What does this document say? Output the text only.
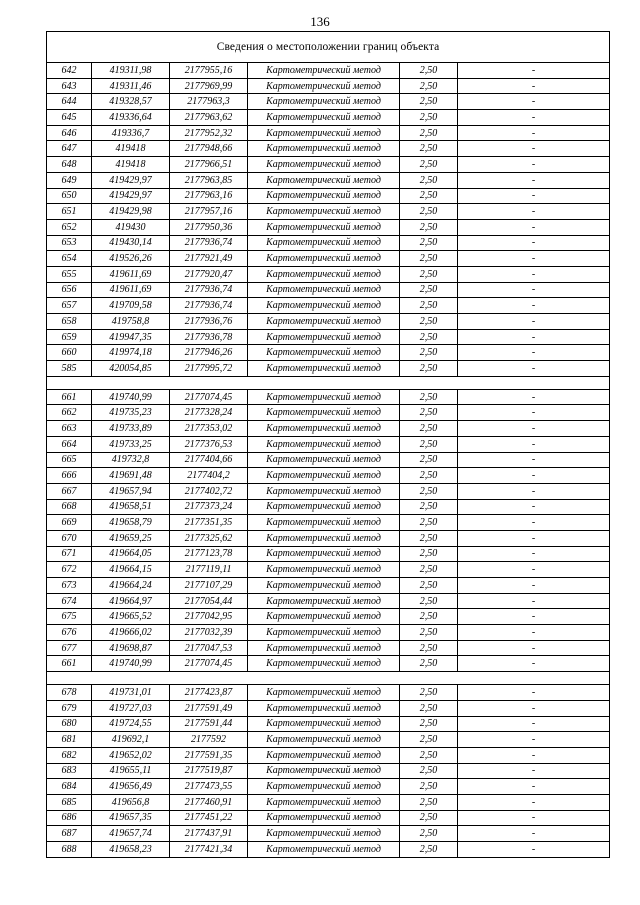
136
Сведения о местоположении границ объекта					
642	419311,98	2177955,16	Картометрический метод	2,50	-
643	419311,46	2177969,99	Картометрический метод	2,50	-
644	419328,57	2177963,3	Картометрический метод	2,50	-
645	419336,64	2177963,62	Картометрический метод	2,50	-
646	419336,7	2177952,32	Картометрический метод	2,50	-
647	419418	2177948,66	Картометрический метод	2,50	-
648	419418	2177966,51	Картометрический метод	2,50	-
649	419429,97	2177963,85	Картометрический метод	2,50	-
650	419429,97	2177963,16	Картометрический метод	2,50	-
651	419429,98	2177957,16	Картометрический метод	2,50	-
652	419430	2177950,36	Картометрический метод	2,50	-
653	419430,14	2177936,74	Картометрический метод	2,50	-
654	419526,26	2177921,49	Картометрический метод	2,50	-
655	419611,69	2177920,47	Картометрический метод	2,50	-
656	419611,69	2177936,74	Картометрический метод	2,50	-
657	419709,58	2177936,74	Картометрический метод	2,50	-
658	419758,8	2177936,76	Картометрический метод	2,50	-
659	419947,35	2177936,78	Картометрический метод	2,50	-
660	419974,18	2177946,26	Картометрический метод	2,50	-
585	420054,85	2177995,72	Картометрический метод	2,50	-

661	419740,99	2177074,45	Картометрический метод	2,50	-
662	419735,23	2177328,24	Картометрический метод	2,50	-
663	419733,89	2177353,02	Картометрический метод	2,50	-
664	419733,25	2177376,53	Картометрический метод	2,50	-
665	419732,8	2177404,66	Картометрический метод	2,50	-
666	419691,48	2177404,2	Картометрический метод	2,50	-
667	419657,94	2177402,72	Картометрический метод	2,50	-
668	419658,51	2177373,24	Картометрический метод	2,50	-
669	419658,79	2177351,35	Картометрический метод	2,50	-
670	419659,25	2177325,62	Картометрический метод	2,50	-
671	419664,05	2177123,78	Картометрический метод	2,50	-
672	419664,15	2177119,11	Картометрический метод	2,50	-
673	419664,24	2177107,29	Картометрический метод	2,50	-
674	419664,97	2177054,44	Картометрический метод	2,50	-
675	419665,52	2177042,95	Картометрический метод	2,50	-
676	419666,02	2177032,39	Картометрический метод	2,50	-
677	419698,87	2177047,53	Картометрический метод	2,50	-
661	419740,99	2177074,45	Картометрический метод	2,50	-

678	419731,01	2177423,87	Картометрический метод	2,50	-
679	419727,03	2177591,49	Картометрический метод	2,50	-
680	419724,55	2177591,44	Картометрический метод	2,50	-
681	419692,1	2177592	Картометрический метод	2,50	-
682	419652,02	2177591,35	Картометрический метод	2,50	-
683	419655,11	2177519,87	Картометрический метод	2,50	-
684	419656,49	2177473,55	Картометрический метод	2,50	-
685	419656,8	2177460,91	Картометрический метод	2,50	-
686	419657,35	2177451,22	Картометрический метод	2,50	-
687	419657,74	2177437,91	Картометрический метод	2,50	-
688	419658,23	2177421,34	Картометрический метод	2,50	-
